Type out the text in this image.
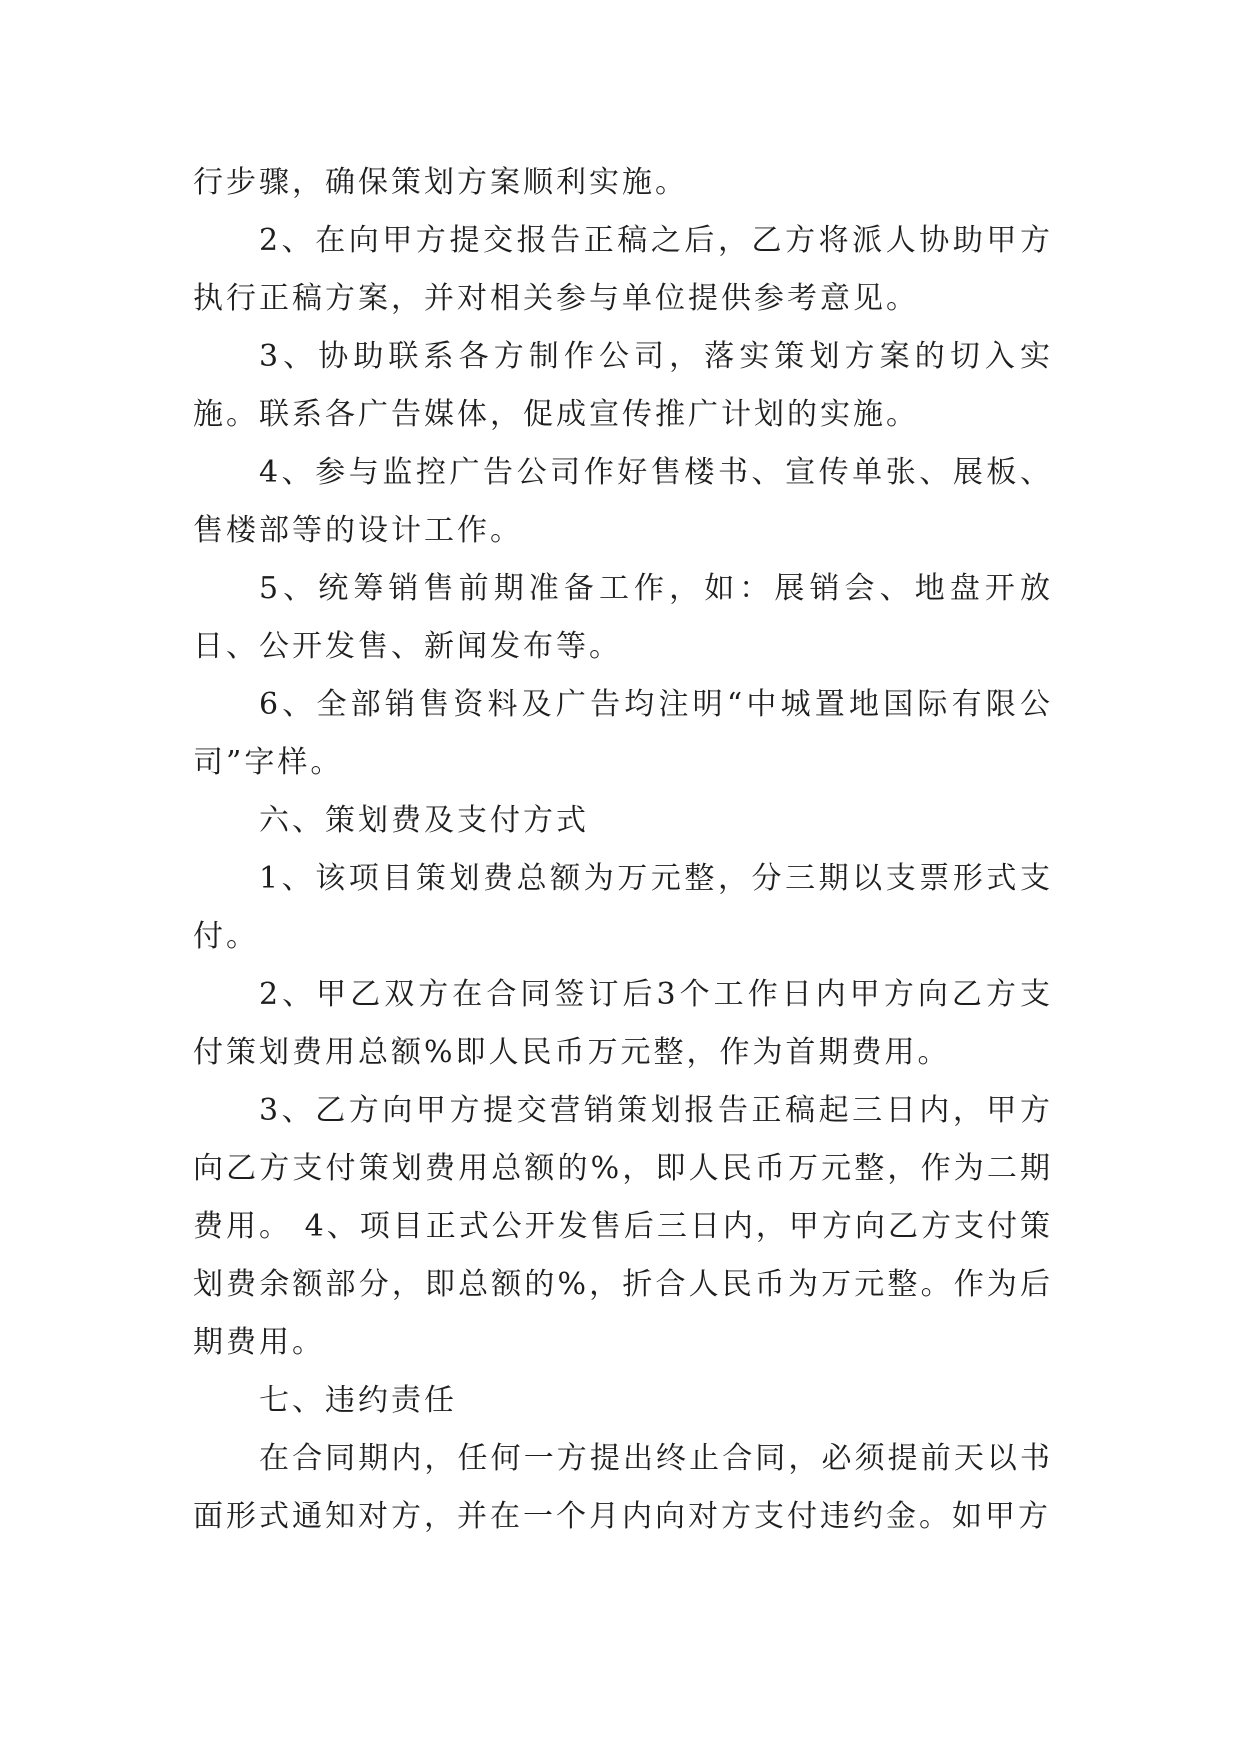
行步骤，确保策划方案顺利实施。

2、在向甲方提交报告正稿之后，乙方将派人协助甲方执行正稿方案，并对相关参与单位提供参考意见。

3、协助联系各方制作公司，落实策划方案的切入实施。联系各广告媒体，促成宣传推广计划的实施。

4、参与监控广告公司作好售楼书、宣传单张、展板、售楼部等的设计工作。

5、统筹销售前期准备工作，如：展销会、地盘开放日、公开发售、新闻发布等。

6、全部销售资料及广告均注明“中城置地国际有限公司”字样。

六、策划费及支付方式

1、该项目策划费总额为万元整，分三期以支票形式支付。

2、甲乙双方在合同签订后3个工作日内甲方向乙方支付策划费用总额%即人民币万元整，作为首期费用。

3、乙方向甲方提交营销策划报告正稿起三日内，甲方向乙方支付策划费用总额的%，即人民币万元整，作为二期费用。 4、项目正式公开发售后三日内，甲方向乙方支付策划费余额部分，即总额的%，折合人民币为万元整。作为后期费用。

七、违约责任

在合同期内，任何一方提出终止合同，必须提前天以书面形式通知对方，并在一个月内向对方支付违约金。如甲方
